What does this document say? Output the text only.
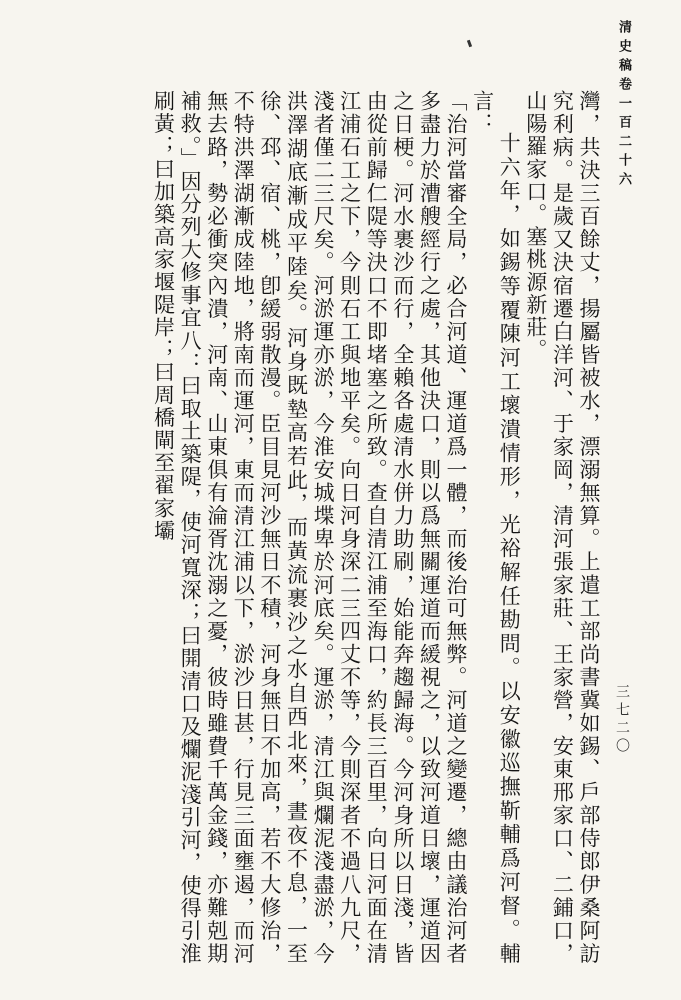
清史稿卷一百二十六

灣，共決三百餘丈，揚屬皆被水，漂溺無算。上遣工部尚書冀如錫、戶部侍郎伊桑阿訪究利病。是歲又決宿遷白洋河、于家岡，清河張家莊、王家營，安東邢家口、二鋪口，山陽羅家口。塞桃源新莊。

十六年，如錫等覆陳河工壞潰情形，光裕解任勘問。以安徽巡撫靳輔爲河督。輔言：

「治河當審全局，必合河道、運道爲一體，而後治可無弊。河道之變遷，總由議治河者多盡力於漕艘經行之處，其他決口，則以爲無關運道而緩視之，以致河道日壞，運道因之日梗。河水裹沙而行，全賴各處清水併力助刷，始能奔趨歸海。今河身所以日淺，皆由從前歸仁隄等決口不即堵塞之所致。查自清江浦至海口，約長三百里，向日河面在清江浦石工之下，今則石工與地平矣。向日河身深二三四丈不等，今則深者不過八九尺，淺者僅二三尺矣。河淤運亦淤，今淮安城堞卑於河底矣。運淤，清江與爛泥淺盡淤，今洪澤湖底漸成平陸矣。河身既墊高若此，而黃流裹沙之水自西北來，晝夜不息，一至徐、邳、宿、桃，卽緩弱散漫。臣目見河沙無日不積，河身無日不加高，若不大修治，不特洪澤湖漸成陸地，將南而運河，東而清江浦以下，淤沙日甚，行見三面壅遏，而河無去路，勢必衝突內潰，河南、山東俱有淪胥沈溺之憂，彼時雖費千萬金錢，亦難剋期補救。」因分列大修事宜八：曰取土築隄，使河寬深；曰開清口及爛泥淺引河，使得引淮刷黃；曰加築高家堰隄岸；曰周橋閘至翟家壩

三七二〇
